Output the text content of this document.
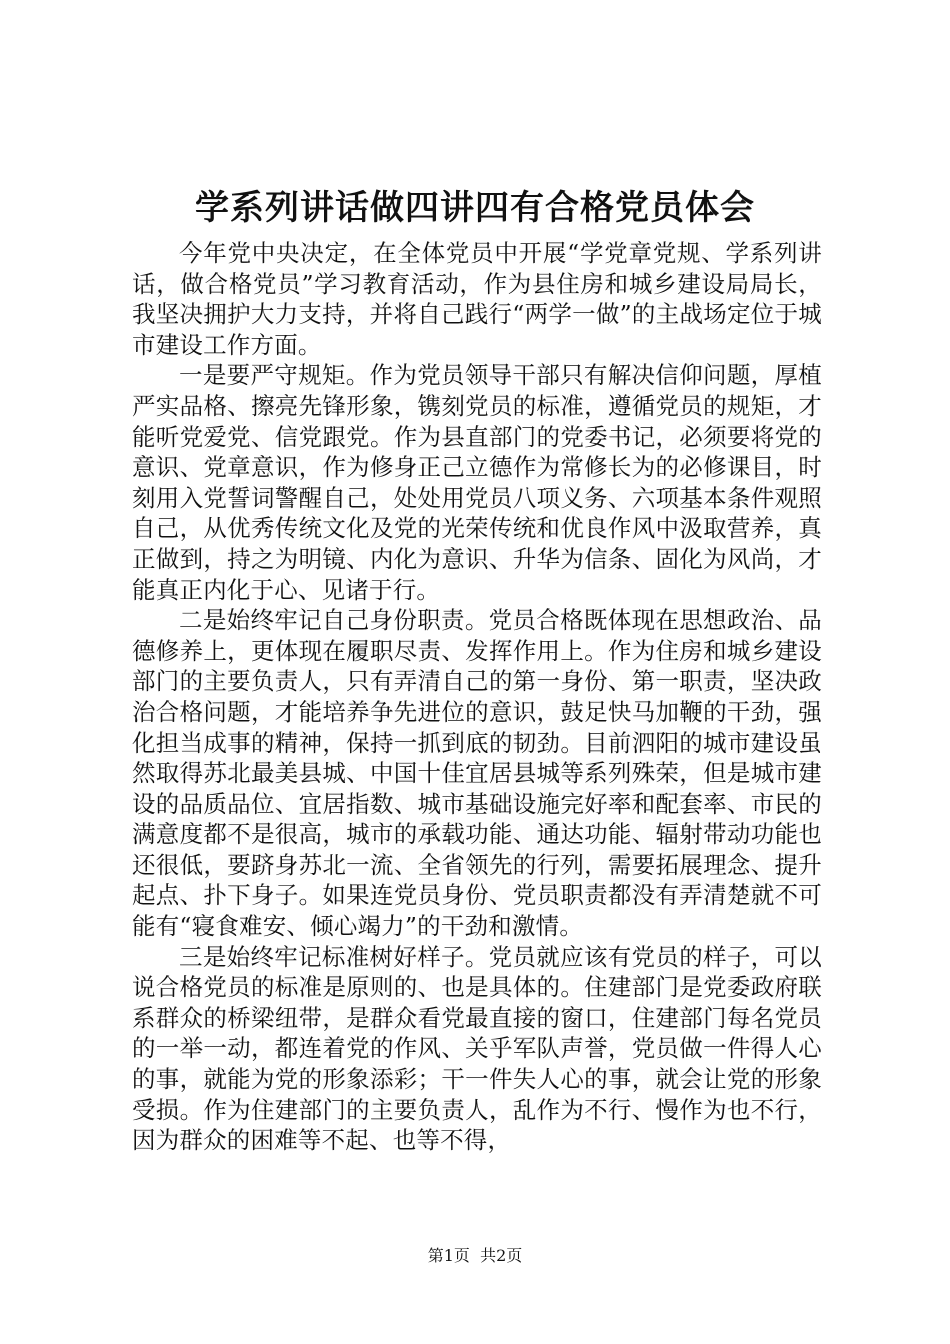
学系列讲话做四讲四有合格党员体会

今年党中央决定，在全体党员中开展“学党章党规、学系列讲话，做合格党员”学习教育活动，作为县住房和城乡建设局局长，我坚决拥护大力支持，并将自己践行“两学一做”的主战场定位于城市建设工作方面。

一是要严守规矩。作为党员领导干部只有解决信仰问题，厚植严实品格、擦亮先锋形象，镌刻党员的标准，遵循党员的规矩，才能听党爱党、信党跟党。作为县直部门的党委书记，必须要将党的意识、党章意识，作为修身正己立德作为常修长为的必修课目，时刻用入党誓词警醒自己，处处用党员八项义务、六项基本条件观照自己，从优秀传统文化及党的光荣传统和优良作风中汲取营养，真正做到，持之为明镜、内化为意识、升华为信条、固化为风尚，才能真正内化于心、见诸于行。

二是始终牢记自己身份职责。党员合格既体现在思想政治、品德修养上，更体现在履职尽责、发挥作用上。作为住房和城乡建设部门的主要负责人，只有弄清自己的第一身份、第一职责，坚决政治合格问题，才能培养争先进位的意识，鼓足快马加鞭的干劲，强化担当成事的精神，保持一抓到底的韧劲。目前泗阳的城市建设虽然取得苏北最美县城、中国十佳宜居县城等系列殊荣，但是城市建设的品质品位、宜居指数、城市基础设施完好率和配套率、市民的满意度都不是很高，城市的承载功能、通达功能、辐射带动功能也还很低，要跻身苏北一流、全省领先的行列，需要拓展理念、提升起点、扑下身子。如果连党员身份、党员职责都没有弄清楚就不可能有“寝食难安、倾心竭力”的干劲和激情。

三是始终牢记标准树好样子。党员就应该有党员的样子，可以说合格党员的标准是原则的、也是具体的。住建部门是党委政府联系群众的桥梁纽带，是群众看党最直接的窗口，住建部门每名党员的一举一动，都连着党的作风、关乎军队声誉，党员做一件得人心的事，就能为党的形象添彩；干一件失人心的事，就会让党的形象受损。作为住建部门的主要负责人，乱作为不行、慢作为也不行，因为群众的困难等不起、也等不得，

第1页 共2页
